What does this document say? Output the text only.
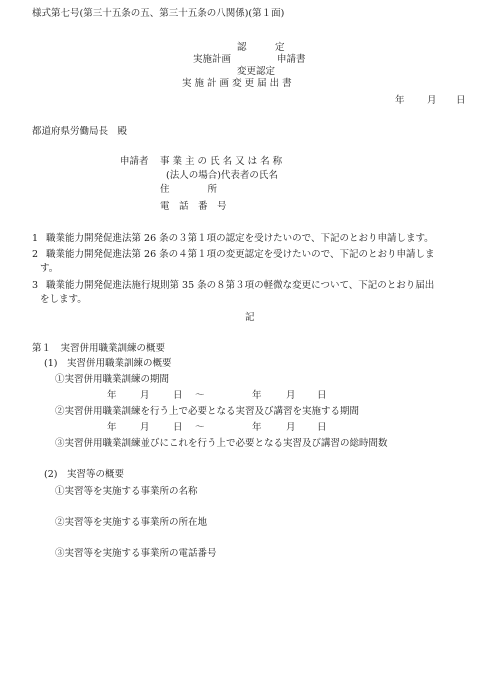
様式第七号(第三十五条の五、第三十五条の八関係)(第１面)
認　　　定
実施計画	申請書
変更認定
実 施 計 画 変 更 届 出 書
年 月 日
都道府県労働局長　殿
申請者 事 業 主 の 氏 名 又 は 名 称
(法人の場合)代表者の氏名
住　　　　所
電　話　番　号
1 職業能力開発促進法第 26 条の３第１項の認定を受けたいので、下記のとおり申請します。
2 職業能力開発促進法第 26 条の４第１項の変更認定を受けたいので、下記のとおり申請しま
す。
3 職業能力開発促進法施行規則第 35 条の８第３項の軽微な変更について、下記のとおり届出
をします。
記
第１　実習併用職業訓練の概要
(1)　実習併用職業訓練の概要
①実習併用職業訓練の期間
年 月 日 ～	年	月 日
②実習併用職業訓練を行う上で必要となる実習及び講習を実施する期間
年 月 日 ～	年	月 日
③実習併用職業訓練並びにこれを行う上で必要となる実習及び講習の総時間数
(2)　実習等の概要
①実習等を実施する事業所の名称
②実習等を実施する事業所の所在地
③実習等を実施する事業所の電話番号
